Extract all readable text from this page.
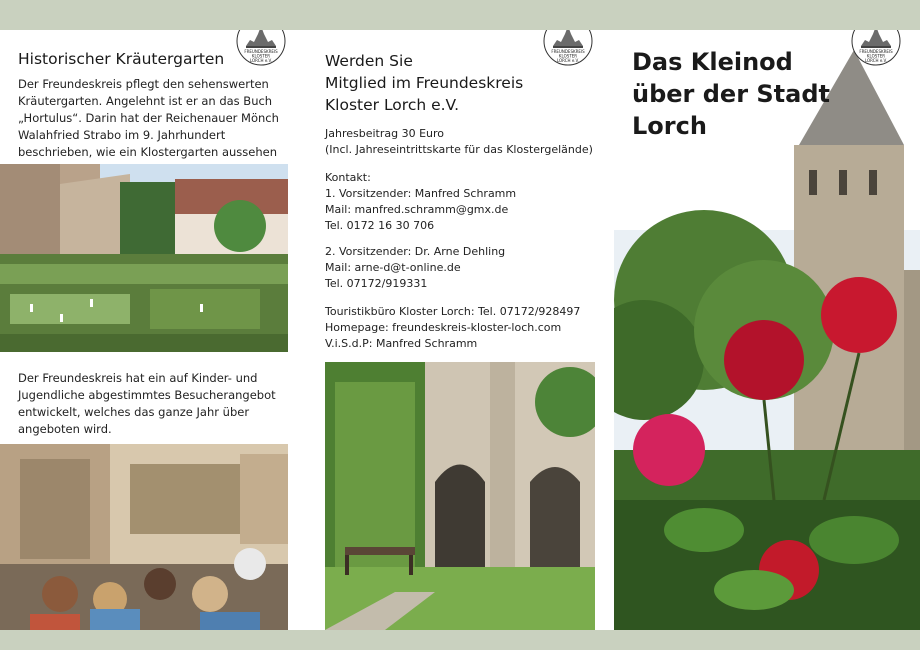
FREUNDESKREIS
KLOSTER
LORCH e.V.
Historischer Kräutergarten
Der Freundeskreis pflegt den sehenswerten Kräutergarten. Angelehnt ist er an das Buch „Hortulus“. Darin hat der Reichenauer Mönch Walahfried Strabo im 9. Jahrhundert beschrieben, wie ein Klostergarten aussehen
Der Freundeskreis hat ein auf Kinder- und Jugendliche abgestimmtes Besucherangebot entwickelt, welches das ganze Jahr über angeboten wird.
FREUNDESKREIS
KLOSTER
LORCH e.V.
Werden Sie
Mitglied im Freundeskreis
Kloster Lorch e.V.
Jahresbeitrag 30 Euro
(Incl. Jahreseintrittskarte für das Klostergelände)
Kontakt:
1. Vorsitzender: Manfred Schramm
Mail: manfred.schramm@gmx.de
Tel. 0172 16 30 706
2. Vorsitzender: Dr. Arne Dehling
Mail: arne-d@t-online.de
Tel. 07172/919331
Touristikbüro Kloster Lorch: Tel. 07172/928497
Homepage: freundeskreis-kloster-loch.com
V.i.S.d.P: Manfred Schramm
FREUNDESKREIS
KLOSTER
LORCH e.V.
Das Kleinod
über der Stadt
Lorch
